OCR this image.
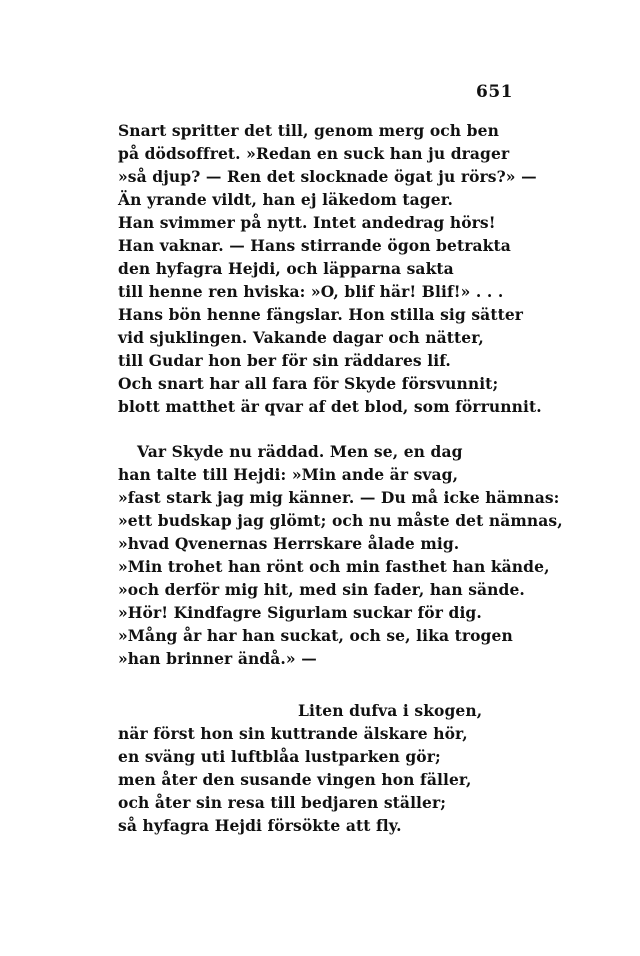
651
Snart spritter det till, genom merg och ben
på dödsoffret. »Redan en suck han ju drager
»så djup? — Ren det slocknade ögat ju rörs?» —
Än yrande vildt, han ej läkedom tager.
Han svimmer på nytt. Intet andedrag hörs!
Han vaknar. — Hans stirrande ögon betrakta
den hyfagra Hejdi, och läpparna sakta
till henne ren hviska: »O, blif här! Blif!» . . .
Hans bön henne fängslar. Hon stilla sig sätter
vid sjuklingen. Vakande dagar och nätter,
till Gudar hon ber för sin räddares lif.
Och snart har all fara för Skyde försvunnit;
blott matthet är qvar af det blod, som förrunnit.
Var Skyde nu räddad. Men se, en dag
han talte till Hejdi: »Min ande är svag,
»fast stark jag mig känner. — Du må icke hämnas:
»ett budskap jag glömt; och nu måste det nämnas,
»hvad Qvenernas Herrskare ålade mig.
»Min trohet han rönt och min fasthet han kände,
»och derför mig hit, med sin fader, han sände.
»Hör! Kindfagre Sigurlam suckar för dig.
»Mång år har han suckat, och se, lika trogen
»han brinner ändå.» —
Liten dufva i skogen,
när först hon sin kuttrande älskare hör,
en sväng uti luftblåa lustparken gör;
men åter den susande vingen hon fäller,
och åter sin resa till bedjaren ställer;
så hyfagra Hejdi försökte att fly.
